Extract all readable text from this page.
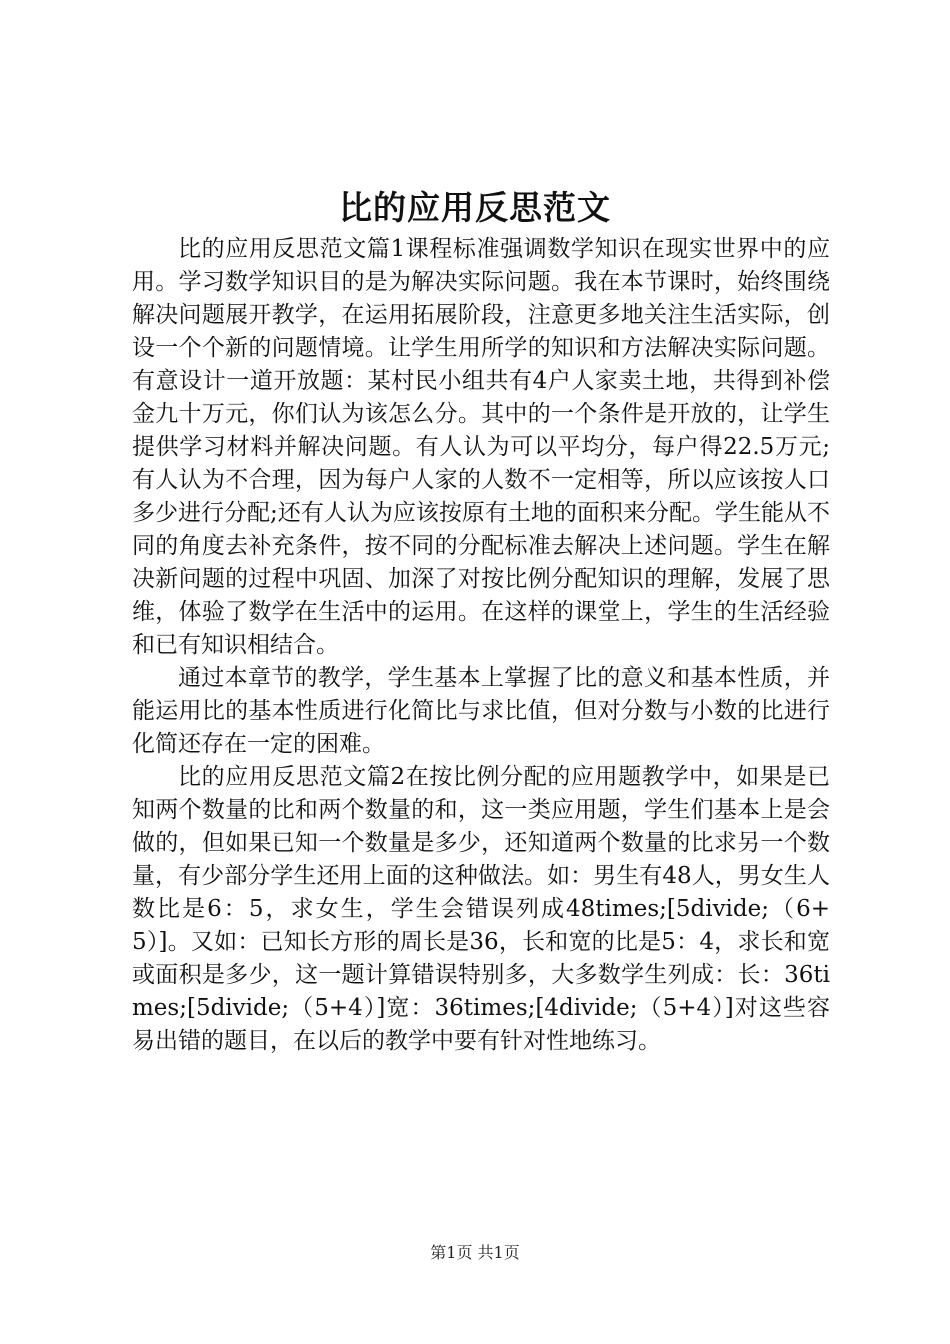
比的应用反思范文

比的应用反思范文篇1课程标准强调数学知识在现实世界中的应用。学习数学知识目的是为解决实际问题。我在本节课时，始终围绕解决问题展开教学，在运用拓展阶段，注意更多地关注生活实际，创设一个个新的问题情境。让学生用所学的知识和方法解决实际问题。有意设计一道开放题：某村民小组共有4户人家卖土地，共得到补偿金九十万元，你们认为该怎么分。其中的一个条件是开放的，让学生提供学习材料并解决问题。有人认为可以平均分，每户得22.5万元;有人认为不合理，因为每户人家的人数不一定相等，所以应该按人口多少进行分配;还有人认为应该按原有土地的面积来分配。学生能从不同的角度去补充条件，按不同的分配标准去解决上述问题。学生在解决新问题的过程中巩固、加深了对按比例分配知识的理解，发展了思维，体验了数学在生活中的运用。在这样的课堂上，学生的生活经验和已有知识相结合。

通过本章节的教学，学生基本上掌握了比的意义和基本性质，并能运用比的基本性质进行化简比与求比值，但对分数与小数的比进行化简还存在一定的困难。

比的应用反思范文篇2在按比例分配的应用题教学中，如果是已知两个数量的比和两个数量的和，这一类应用题，学生们基本上是会做的，但如果已知一个数量是多少，还知道两个数量的比求另一个数量，有少部分学生还用上面的这种做法。如：男生有48人，男女生人数比是6：5，求女生，学生会错误列成48times;[5divide;（6+5）]。又如：已知长方形的周长是36，长和宽的比是5：4，求长和宽或面积是多少，这一题计算错误特别多，大多数学生列成：长：36times;[5divide;（5+4）]宽：36times;[4divide;（5+4）]对这些容易出错的题目，在以后的教学中要有针对性地练习。

第1页 共1页
